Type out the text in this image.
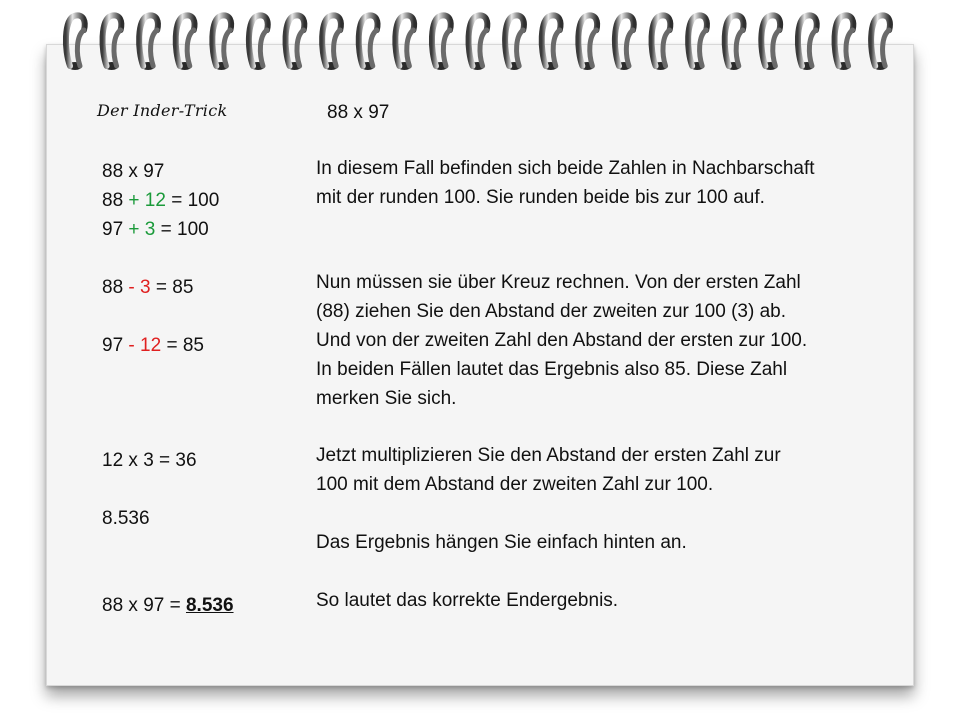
Der Inder-Trick	88 x 97
88 x 97
88 + 12 = 100
97 + 3 = 100
88 - 3 = 85
97 - 12 = 85
12 x 3 = 36
8.536
88 x 97 = 8.536
In diesem Fall befinden sich beide Zahlen in Nachbarschaft
mit der runden 100. Sie runden beide bis zur 100 auf.
Nun müssen sie über Kreuz rechnen. Von der ersten Zahl
(88) ziehen Sie den Abstand der zweiten zur 100 (3) ab.
Und von der zweiten Zahl den Abstand der ersten zur 100.
In beiden Fällen lautet das Ergebnis also 85. Diese Zahl
merken Sie sich.
Jetzt multiplizieren Sie den Abstand der ersten Zahl zur
100 mit dem Abstand der zweiten Zahl zur 100.
Das Ergebnis hängen Sie einfach hinten an.
So lautet das korrekte Endergebnis.
